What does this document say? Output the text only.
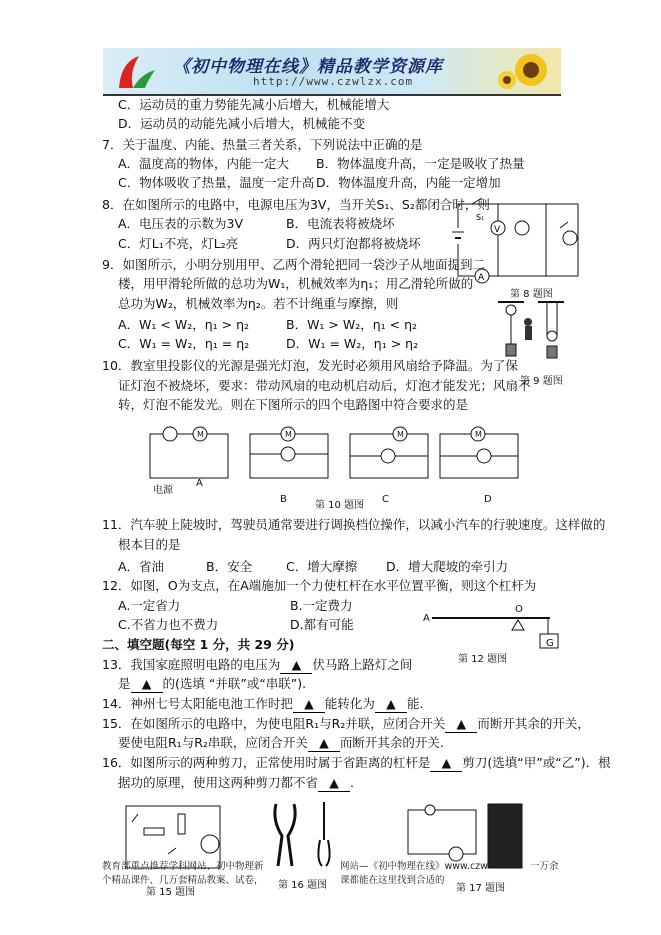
《初中物理在线》精品教学资源库
http://www.czwlzx.com
C．运动员的重力势能先减小后增大，机械能增大
D．运动员的动能先减小后增大，机械能不变
7．关于温度、内能、热量三者关系，下列说法中正确的是
A．温度高的物体，内能一定大 B．物体温度升高，一定是吸收了热量
C．物体吸收了热量，温度一定升高 D．物体温度升高，内能一定增加
8．在如图所示的电路中，电源电压为3V，当开关S₁、S₂都闭合时，则
A．电压表的示数为3V	B．电流表将被烧坏
C．灯L₁不亮，灯L₂亮	D．两只灯泡都将被烧坏
V
A
S₁
第 8 题图
9．如图所示，小明分别用甲、乙两个滑轮把同一袋沙子从地面提到二
楼，用甲滑轮所做的总功为W₁，机械效率为η₁；用乙滑轮所做的
总功为W₂，机械效率为η₂。若不计绳重与摩擦，则
A．W₁ < W₂，η₁ > η₂	B．W₁ > W₂，η₁ < η₂
C．W₁ = W₂，η₁ = η₂	D．W₁ = W₂，η₁ > η₂
第 9 题图
10．教室里投影仪的光源是强光灯泡，发光时必须用风扇给予降温。为了保
证灯泡不被烧坏，要求：带动风扇的电动机启动后，灯泡才能发光；风扇不
转，灯泡不能发光。则在下图所示的四个电路图中符合要求的是
M	M	M	M
A
B	C	D
电源
第 10 题图
11．汽车驶上陡坡时，驾驶员通常要进行调换档位操作，以减小汽车的行驶速度。这样做的
根本目的是
A．省油	B．安全	C．增大摩擦 D．增大爬坡的牵引力
12．如图，O为支点，在A端施加一个力使杠杆在水平位置平衡，则这个杠杆为
A.一定省力	B.一定费力
C.不省力也不费力	D.都有可能	A
O
G
第 12 题图
二、填空题(每空 1 分，共 29 分)
13．我国家庭照明电路的电压为 ▲ 伏马路上路灯之间
是 ▲ 的(选填 “并联”或“串联”).
14．神州七号太阳能电池工作时把 ▲ 能转化为 ▲ 能.
15．在如图所示的电路中，为使电阻R₁与R₂并联，应闭合开关 ▲ 而断开其余的开关，
要使电阻R₁与R₂串联，应闭合开关 ▲ 而断开其余的开关.
16．如图所示的两种剪刀，正常使用时属于省距离的杠杆是 ▲ 剪刀(选填“甲”或“乙”)．根
据功的原理，使用这两种剪刀都不省 ▲ .
第 15 题图
第 16 题图	第 17 题图
教育部重点推荐学科网站、初中物理新	网站—《初中物理在线》www.czw	一万余
个精品课件、几万套精品教案、试卷，	课都能在这里找到合适的
